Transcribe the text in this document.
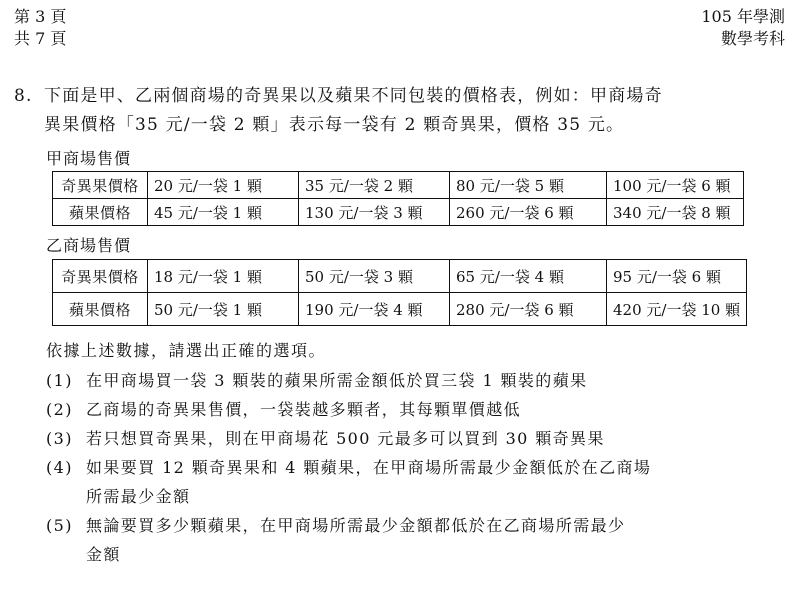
第 3 頁
共 7 頁
105 年學測
數學考科
8. 下面是甲、乙兩個商場的奇異果以及蘋果不同包裝的價格表，例如：甲商場奇
異果價格「35 元/一袋 2 顆」表示每一袋有 2 顆奇異果，價格 35 元。
甲商場售價
奇異果價格	20 元/一袋 1 顆	35 元/一袋 2 顆	80 元/一袋 5 顆	100 元/一袋 6 顆
蘋果價格	45 元/一袋 1 顆	130 元/一袋 3 顆	260 元/一袋 6 顆	340 元/一袋 8 顆
乙商場售價
奇異果價格	18 元/一袋 1 顆	50 元/一袋 3 顆	65 元/一袋 4 顆	95 元/一袋 6 顆
蘋果價格	50 元/一袋 1 顆	190 元/一袋 4 顆	280 元/一袋 6 顆	420 元/一袋 10 顆
依據上述數據，請選出正確的選項。
(1) 在甲商場買一袋 3 顆裝的蘋果所需金額低於買三袋 1 顆裝的蘋果
(2) 乙商場的奇異果售價，一袋裝越多顆者，其每顆單價越低
(3) 若只想買奇異果，則在甲商場花 500 元最多可以買到 30 顆奇異果
(4) 如果要買 12 顆奇異果和 4 顆蘋果，在甲商場所需最少金額低於在乙商場
所需最少金額
(5) 無論要買多少顆蘋果，在甲商場所需最少金額都低於在乙商場所需最少
金額
